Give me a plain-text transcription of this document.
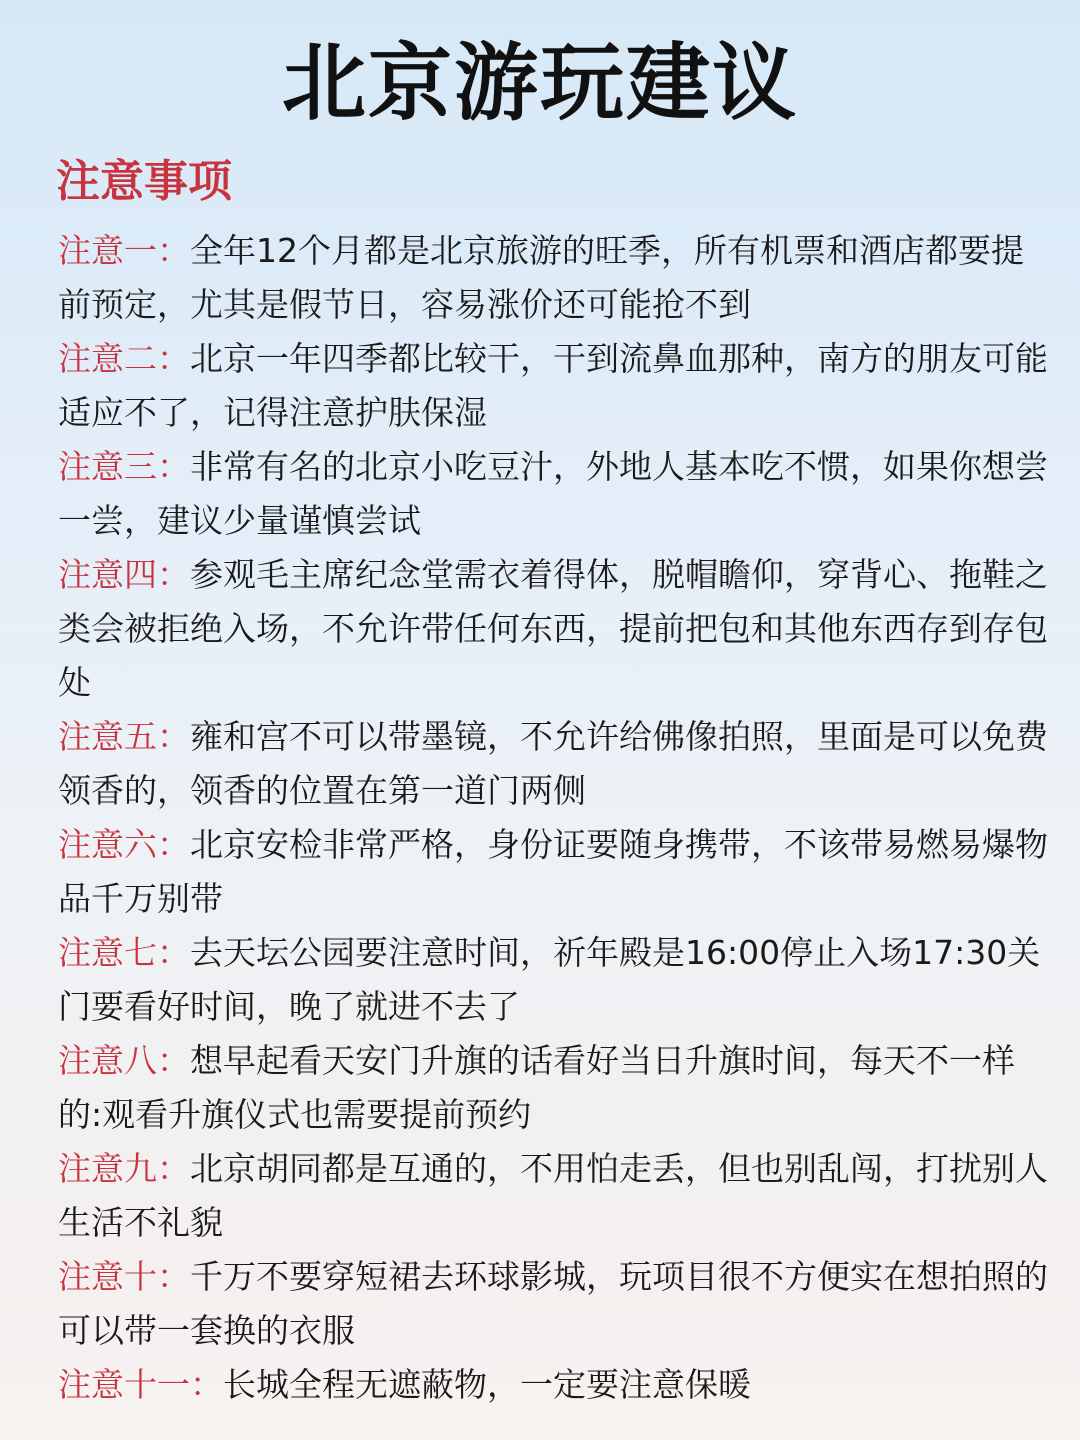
北京游玩建议
注意事项

注意一：全年12个月都是北京旅游的旺季，所有机票和酒店都要提前预定，尤其是假节日，容易涨价还可能抢不到

注意二：北京一年四季都比较干，干到流鼻血那种，南方的朋友可能适应不了，记得注意护肤保湿

注意三：非常有名的北京小吃豆汁，外地人基本吃不惯，如果你想尝一尝，建议少量谨慎尝试

注意四：参观毛主席纪念堂需衣着得体，脱帽瞻仰，穿背心、拖鞋之类会被拒绝入场，不允许带任何东西，提前把包和其他东西存到存包处

注意五：雍和宫不可以带墨镜，不允许给佛像拍照，里面是可以免费领香的，领香的位置在第一道门两侧

注意六：北京安检非常严格，身份证要随身携带，不该带易燃易爆物品千万别带

注意七：去天坛公园要注意时间，祈年殿是16:00停止入场17:30关门要看好时间，晚了就进不去了

注意八：想早起看天安门升旗的话看好当日升旗时间，每天不一样的:观看升旗仪式也需要提前预约

注意九：北京胡同都是互通的，不用怕走丢，但也别乱闯，打扰别人生活不礼貌

注意十：千万不要穿短裙去环球影城，玩项目很不方便实在想拍照的可以带一套换的衣服

注意十一：长城全程无遮蔽物，一定要注意保暖
